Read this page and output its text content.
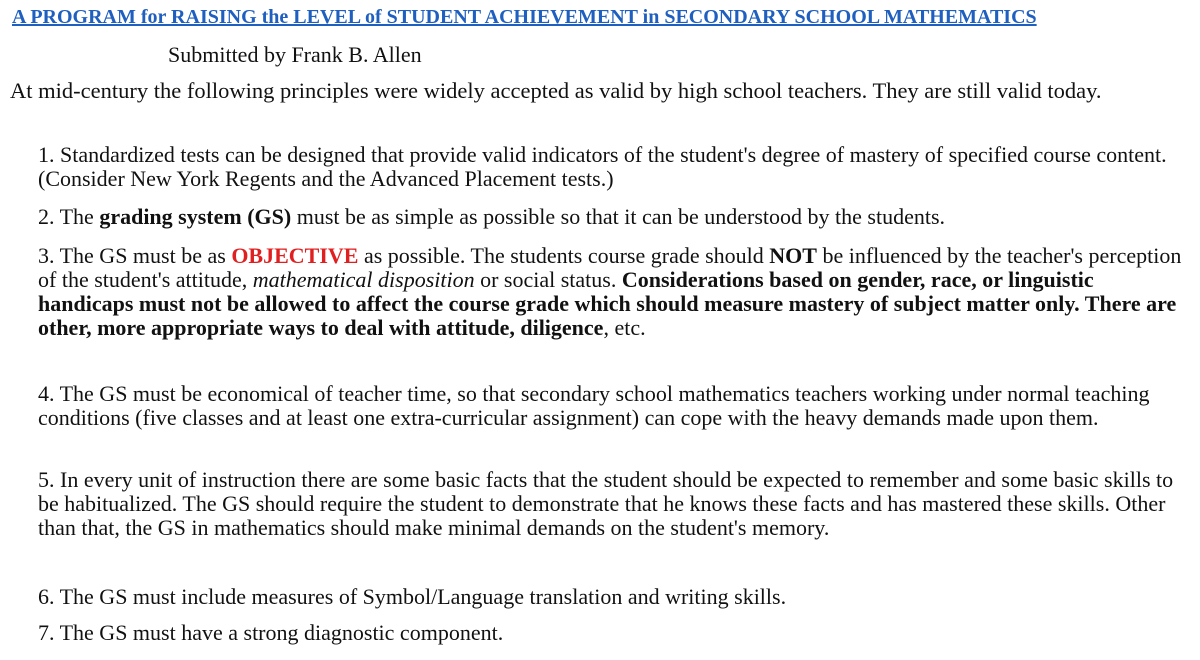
A PROGRAM for RAISING the LEVEL of STUDENT ACHIEVEMENT in SECONDARY SCHOOL MATHEMATICS
Submitted by Frank B. Allen
At mid-century the following principles were widely accepted as valid by high school teachers. They are still valid today.
1. Standardized tests can be designed that provide valid indicators of the student's degree of mastery of specified course content. (Consider New York Regents and the Advanced Placement tests.)
2. The grading system (GS) must be as simple as possible so that it can be understood by the students.
3. The GS must be as OBJECTIVE as possible. The students course grade should NOT be influenced by the teacher's perception of the student's attitude, mathematical disposition or social status. Considerations based on gender, race, or linguistic handicaps must not be allowed to affect the course grade which should measure mastery of subject matter only. There are other, more appropriate ways to deal with attitude, diligence, etc.
4. The GS must be economical of teacher time, so that secondary school mathematics teachers working under normal teaching conditions (five classes and at least one extra-curricular assignment) can cope with the heavy demands made upon them.
5. In every unit of instruction there are some basic facts that the student should be expected to remember and some basic skills to be habitualized. The GS should require the student to demonstrate that he knows these facts and has mastered these skills. Other than that, the GS in mathematics should make minimal demands on the student's memory.
6. The GS must include measures of Symbol/Language translation and writing skills.
7. The GS must have a strong diagnostic component.
